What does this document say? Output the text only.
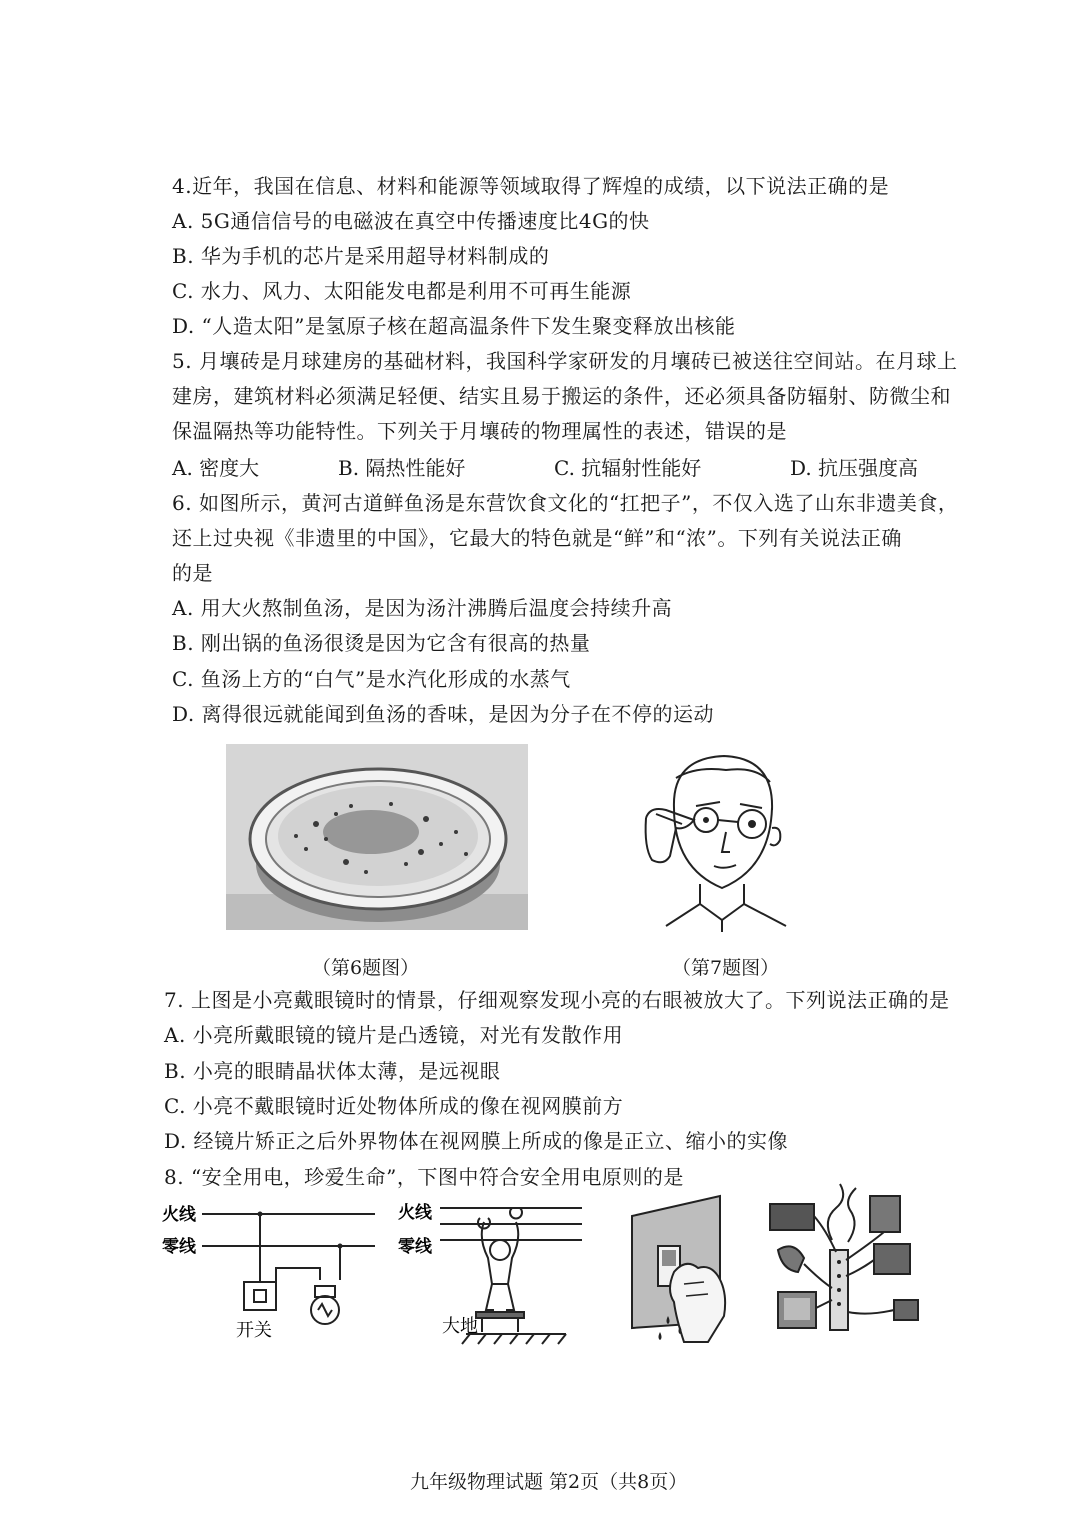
4.近年，我国在信息、材料和能源等领域取得了辉煌的成绩，以下说法正确的是
A. 5G通信信号的电磁波在真空中传播速度比4G的快
B. 华为手机的芯片是采用超导材料制成的
C. 水力、风力、太阳能发电都是利用不可再生能源
D. “人造太阳”是氢原子核在超高温条件下发生聚变释放出核能
5. 月壤砖是月球建房的基础材料，我国科学家研发的月壤砖已被送往空间站。在月球上
建房，建筑材料必须满足轻便、结实且易于搬运的条件，还必须具备防辐射、防微尘和
保温隔热等功能特性。下列关于月壤砖的物理属性的表述，错误的是
A. 密度大	B. 隔热性能好	C. 抗辐射性能好	D. 抗压强度高
6. 如图所示，黄河古道鲜鱼汤是东营饮食文化的“扛把子”，不仅入选了山东非遗美食，
还上过央视《非遗里的中国》，它最大的特色就是“鲜”和“浓”。下列有关说法正确
的是
A. 用大火熬制鱼汤，是因为汤汁沸腾后温度会持续升高
B. 刚出锅的鱼汤很烫是因为它含有很高的热量
C. 鱼汤上方的“白气”是水汽化形成的水蒸气
D. 离得很远就能闻到鱼汤的香味，是因为分子在不停的运动
（第6题图）	（第7题图）
7. 上图是小亮戴眼镜时的情景，仔细观察发现小亮的右眼被放大了。下列说法正确的是
A. 小亮所戴眼镜的镜片是凸透镜，对光有发散作用
B. 小亮的眼睛晶状体太薄，是远视眼
C. 小亮不戴眼镜时近处物体所成的像在视网膜前方
D. 经镜片矫正之后外界物体在视网膜上所成的像是正立、缩小的实像
8. “安全用电，珍爱生命”，下图中符合安全用电原则的是
火线
零线
开关
火线
零线
大地
九年级物理试题 第2页（共8页）
